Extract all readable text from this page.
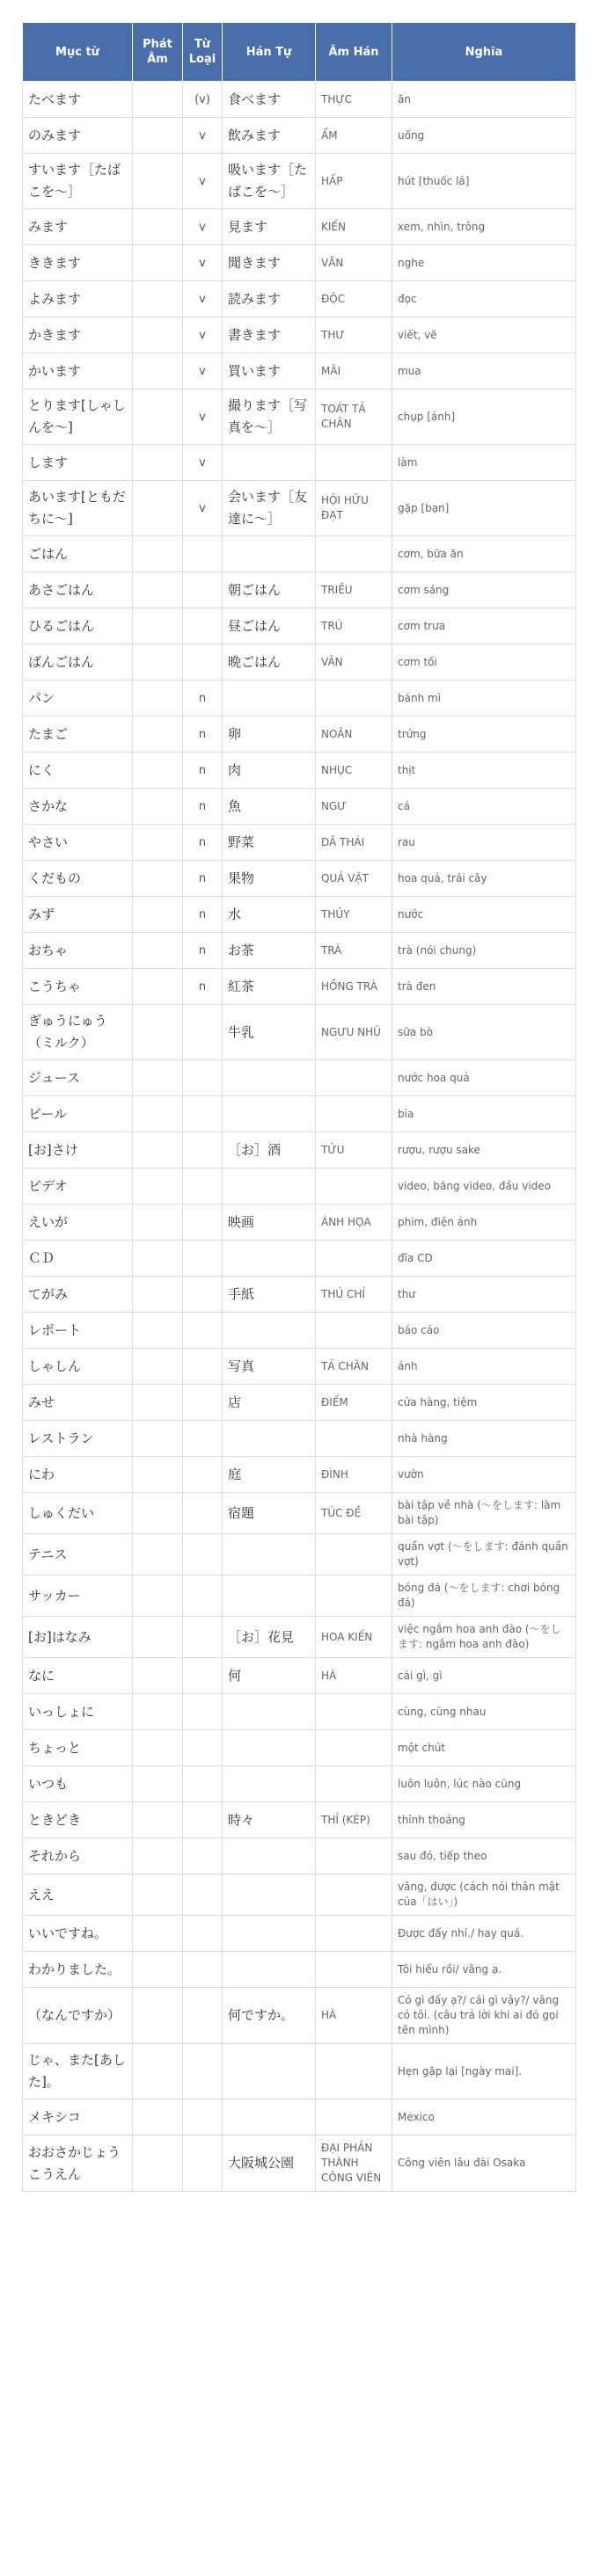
Mục từ	Phát Âm	Từ Loại	Hán Tự	Âm Hán	Nghĩa
たべます		(v)	食べます	THỰC	ăn
のみます		v	飲みます	ẨM	uống
すいます［たばこを～］		v	吸います［たばこを～］	HẤP	hút [thuốc lá]
みます		v	見ます	KIẾN	xem, nhìn, trông
ききます		v	聞きます	VĂN	nghe
よみます		v	読みます	ĐỘC	đọc
かきます		v	書きます	THƯ	viết, vẽ
かいます		v	買います	MÃI	mua
とります[しゃしんを～]		v	撮ります［写真を～］	TOÁT TẢ CHÂN	chụp [ảnh]
します		v			làm
あいます[ともだちに～]		v	会います［友達に～］	HỘI HỮU ĐẠT	gặp [bạn]
ごはん					cơm, bữa ăn
あさごはん			朝ごはん	TRIỀU	cơm sáng
ひるごはん			昼ごはん	TRÚ	cơm trưa
ばんごはん			晩ごはん	VÃN	cơm tối
パン		n			bánh mì
たまご		n	卵	NOÃN	trứng
にく		n	肉	NHỤC	thịt
さかな		n	魚	NGƯ	cá
やさい		n	野菜	DÃ THÁI	rau
くだもの		n	果物	QUẢ VẬT	hoa quả, trái cây
みず		n	水	THỦY	nước
おちゃ		n	お茶	TRÀ	trà (nói chung)
こうちゃ		n	紅茶	HỒNG TRÀ	trà đen
ぎゅうにゅう（ミルク）			牛乳	NGƯU NHŨ	sữa bò
ジュース					nước hoa quả
ビール					bia
[お]さけ			［お］酒	TỬU	rượu, rượu sake
ビデオ					video, băng video, đầu video
えいが			映画	ÁNH HỌA	phim, điện ảnh
ＣＤ					đĩa CD
てがみ			手紙	THỦ CHỈ	thư
レポート					báo cáo
しゃしん			写真	TẢ CHÂN	ảnh
みせ			店	ĐIẾM	cửa hàng, tiệm
レストラン					nhà hàng
にわ			庭	ĐÌNH	vườn
しゅくだい			宿題	TÚC ĐỀ	bài tập về nhà (～をします: làm bài tập)
テニス					quần vợt (～をします: đánh quần vợt)
サッカー					bóng đá (～をします: chơi bóng đá)
[お]はなみ			［お］花見	HOA KIẾN	việc ngắm hoa anh đào (～をします: ngắm hoa anh đào)
なに			何	HÀ	cái gì, gì
いっしょに					cùng, cùng nhau
ちょっと					một chút
いつも					luôn luôn, lúc nào cũng
ときどき			時々	THỈ (KÉP)	thỉnh thoảng
それから					sau đó, tiếp theo
ええ					vâng, được (cách nói thân mật của「はい」)
いいですね。					Được đấy nhỉ./ hay quá.
わかりました。					Tôi hiểu rồi/ vâng ạ.
（なんですか）			何ですか。	HÀ	Có gì đấy ạ?/ cái gì vậy?/ vâng có tôi. (câu trả lời khi ai đó gọi tên mình)
じゃ、また[あした]。					Hẹn gặp lại [ngày mai].
メキシコ					Mexico
おおさかじょうこうえん			大阪城公園	ĐẠI PHẢN THÀNH CÔNG VIÊN	Công viên lâu đài Osaka
